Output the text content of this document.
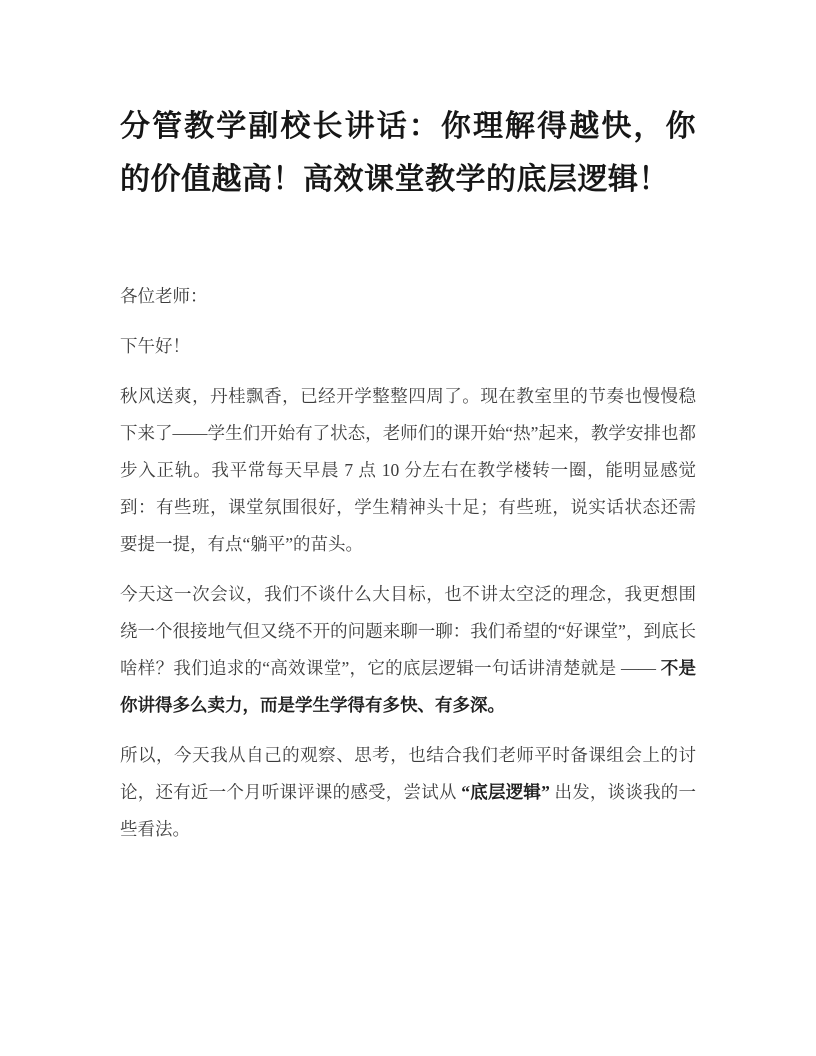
分管教学副校长讲话：你理解得越快，你的价值越高！高效课堂教学的底层逻辑！

各位老师：

下午好！

秋风送爽，丹桂飘香，已经开学整整四周了。现在教室里的节奏也慢慢稳下来了——学生们开始有了状态，老师们的课开始“热”起来，教学安排也都步入正轨。我平常每天早晨 7 点 10 分左右在教学楼转一圈，能明显感觉到：有些班，课堂氛围很好，学生精神头十足；有些班，说实话状态还需要提一提，有点“躺平”的苗头。

今天这一次会议，我们不谈什么大目标，也不讲太空泛的理念，我更想围绕一个很接地气但又绕不开的问题来聊一聊：我们希望的“好课堂”，到底长啥样？我们追求的“高效课堂”，它的底层逻辑一句话讲清楚就是 —— 不是你讲得多么卖力，而是学生学得有多快、有多深。

所以，今天我从自己的观察、思考，也结合我们老师平时备课组会上的讨论，还有近一个月听课评课的感受，尝试从 “底层逻辑” 出发，谈谈我的一些看法。
